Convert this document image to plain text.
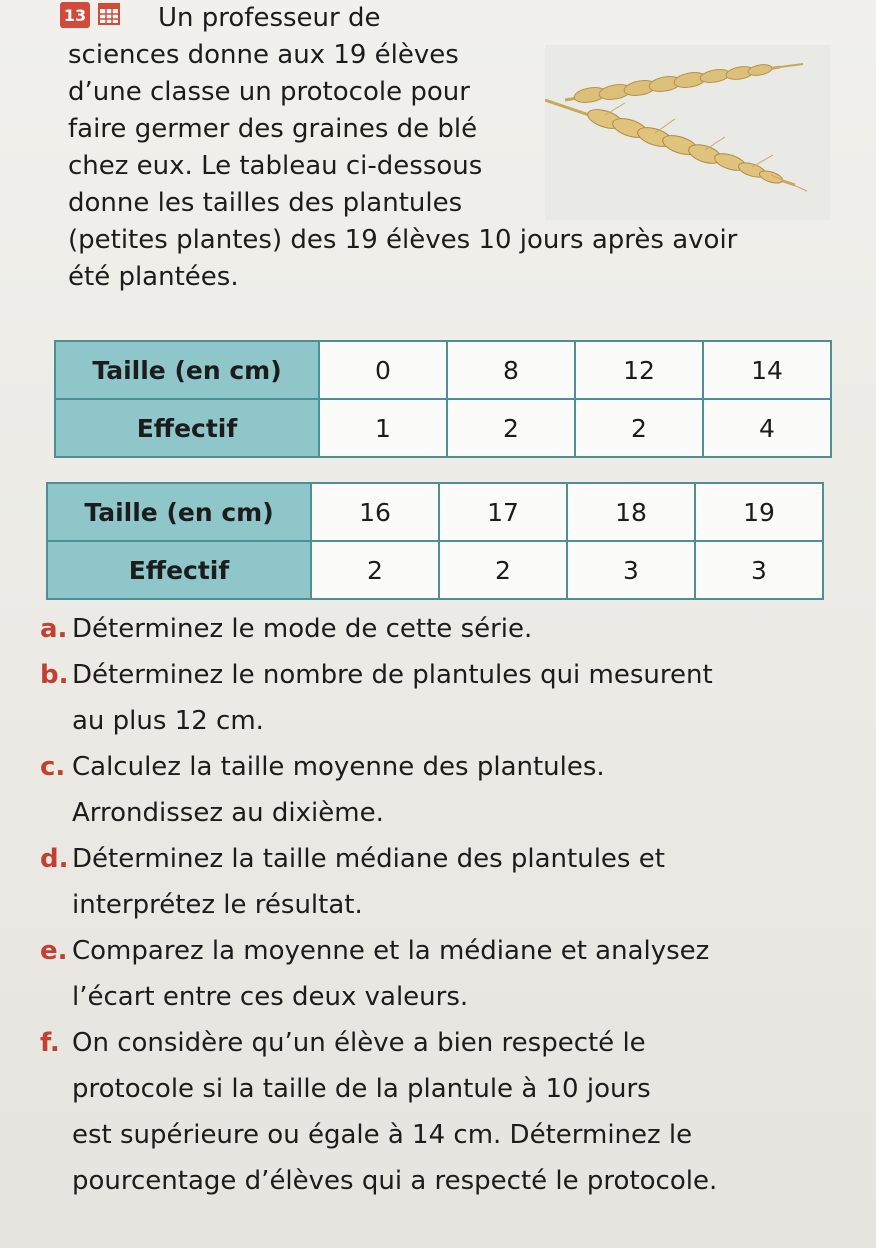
13	Un professeur de
sciences donne aux 19 élèves
d’une classe un protocole pour
faire germer des graines de blé
chez eux. Le tableau ci-dessous
donne les tailles des plantules
(petites plantes) des 19 élèves 10 jours après avoir
été plantées.
Taille (en cm)	0	8	12	14
Effectif	1	2	2	4
Taille (en cm)	16	17	18	19
Effectif	2	2	3	3
a. Déterminez le mode de cette série.
b. Déterminez le nombre de plantules qui mesurent
au plus 12 cm.
c. Calculez la taille moyenne des plantules.
Arrondissez au dixième.
d. Déterminez la taille médiane des plantules et
interprétez le résultat.
e. Comparez la moyenne et la médiane et analysez
l’écart entre ces deux valeurs.
f. On considère qu’un élève a bien respecté le
protocole si la taille de la plantule à 10 jours
est supérieure ou égale à 14 cm. Déterminez le
pourcentage d’élèves qui a respecté le protocole.
